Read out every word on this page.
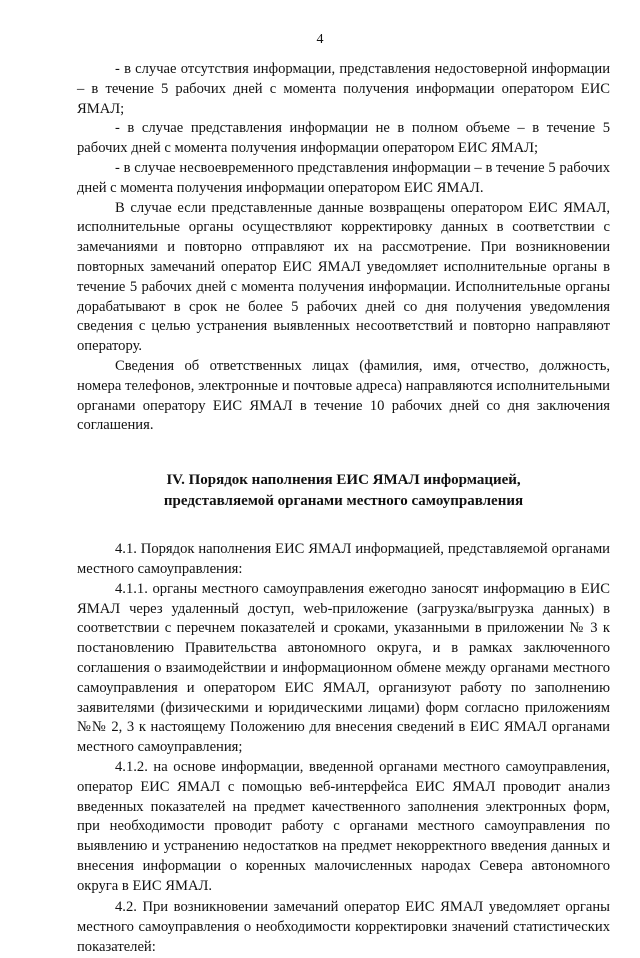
4

- в случае отсутствия информации, представления недостоверной информации – в течение 5 рабочих дней с момента получения информации оператором ЕИС ЯМАЛ;

- в случае представления информации не в полном объеме – в течение 5 рабочих дней с момента получения информации оператором ЕИС ЯМАЛ;

- в случае несвоевременного представления информации – в течение 5 рабочих дней с момента получения информации оператором ЕИС ЯМАЛ.

В случае если представленные данные возвращены оператором ЕИС ЯМАЛ, исполнительные органы осуществляют корректировку данных в соответствии с замечаниями и повторно отправляют их на рассмотрение. При возникновении повторных замечаний оператор ЕИС ЯМАЛ уведомляет исполнительные органы в течение 5 рабочих дней с момента получения информации. Исполнительные органы дорабатывают в срок не более 5 рабочих дней со дня получения уведомления сведения с целью устранения выявленных несоответствий и повторно направляют оператору.

Сведения об ответственных лицах (фамилия, имя, отчество, должность, номера телефонов, электронные и почтовые адреса) направляются исполнительными органами оператору ЕИС ЯМАЛ в течение 10 рабочих дней со дня заключения соглашения.

IV. Порядок наполнения ЕИС ЯМАЛ информацией,
представляемой органами местного самоуправления

4.1. Порядок наполнения ЕИС ЯМАЛ информацией, представляемой органами местного самоуправления:

4.1.1. органы местного самоуправления ежегодно заносят информацию в ЕИС ЯМАЛ через удаленный доступ, web-приложение (загрузка/выгрузка данных) в соответствии с перечнем показателей и сроками, указанными в приложении № 3 к постановлению Правительства автономного округа, и в рамках заключенного соглашения о взаимодействии и информационном обмене между органами местного самоуправления и оператором ЕИС ЯМАЛ, организуют работу по заполнению заявителями (физическими и юридическими лицами) форм согласно приложениям №№ 2, 3 к настоящему Положению для внесения сведений в ЕИС ЯМАЛ органами местного самоуправления;

4.1.2. на основе информации, введенной органами местного самоуправления, оператор ЕИС ЯМАЛ с помощью веб-интерфейса ЕИС ЯМАЛ проводит анализ введенных показателей на предмет качественного заполнения электронных форм, при необходимости проводит работу с органами местного самоуправления по выявлению и устранению недостатков на предмет некорректного введения данных и внесения информации о коренных малочисленных народах Севера автономного округа в ЕИС ЯМАЛ.

4.2. При возникновении замечаний оператор ЕИС ЯМАЛ уведомляет органы местного самоуправления о необходимости корректировки значений статистических показателей:
